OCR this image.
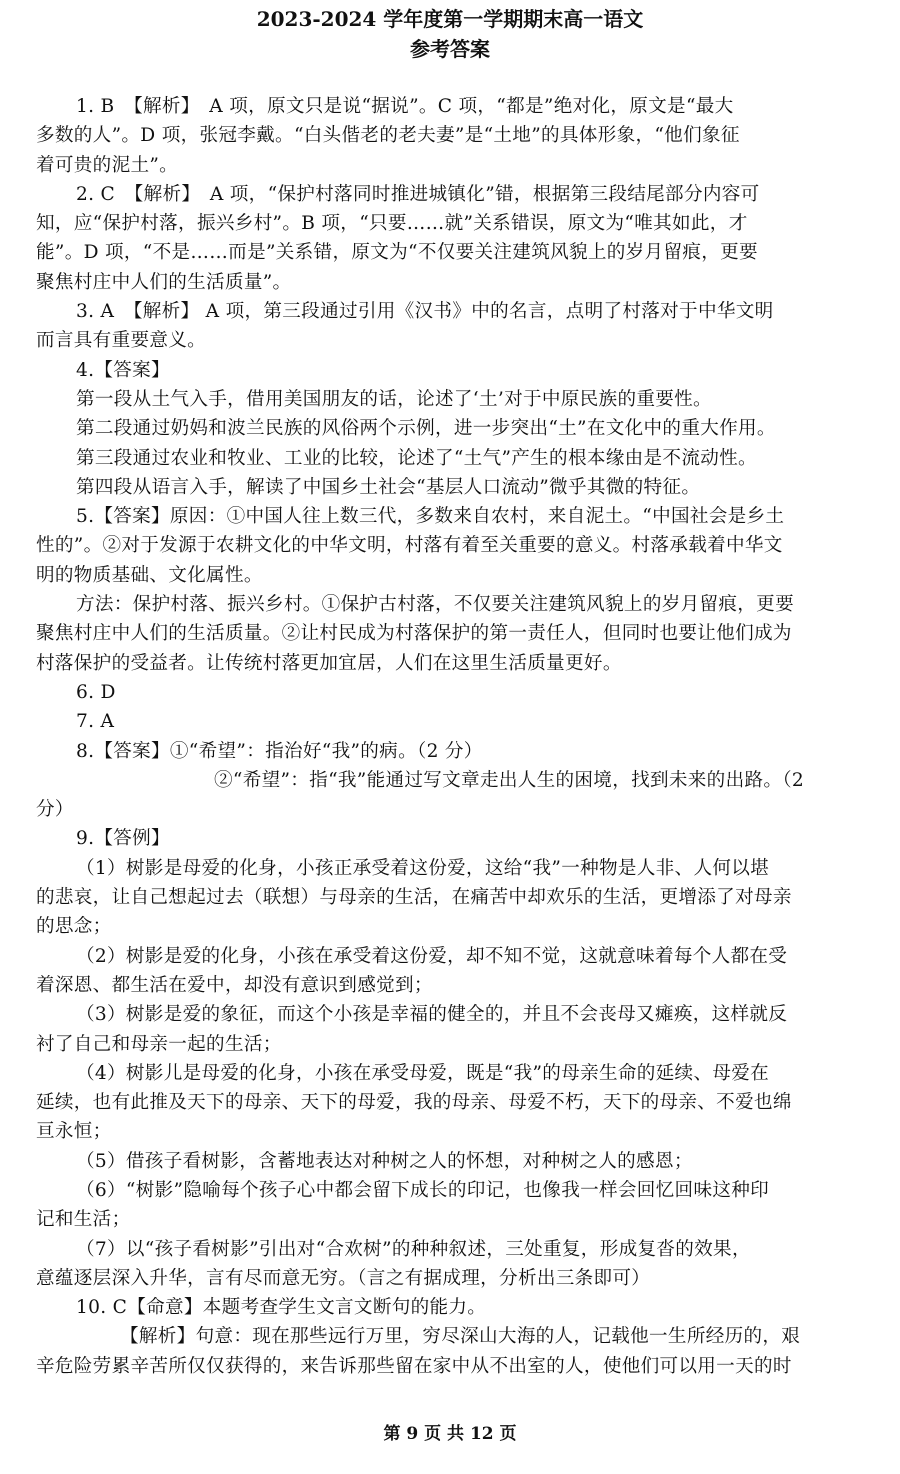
2023-2024 学年度第一学期期末高一语文
参考答案
1. B　【解析】　A 项，原文只是说“据说”。C 项，“都是”绝对化，原文是“最大
多数的人”。D 项，张冠李戴。“白头偕老的老夫妻”是“土地”的具体形象，“他们象征
着可贵的泥土”。
2. C　【解析】　A 项，“保护村落同时推进城镇化”错，根据第三段结尾部分内容可
知，应“保护村落，振兴乡村”。B 项，“只要……就”关系错误，原文为“唯其如此，才
能”。D 项，“不是……而是”关系错，原文为“不仅要关注建筑风貌上的岁月留痕，更要
聚焦村庄中人们的生活质量”。
3. A　【解析】 A 项，第三段通过引用《汉书》中的名言，点明了村落对于中华文明
而言具有重要意义。
4.【答案】
第一段从土气入手，借用美国朋友的话，论述了‘土’对于中原民族的重要性。
第二段通过奶妈和波兰民族的风俗两个示例，进一步突出“土”在文化中的重大作用。
第三段通过农业和牧业、工业的比较，论述了“土气”产生的根本缘由是不流动性。
第四段从语言入手，解读了中国乡土社会“基层人口流动”微乎其微的特征。
5.【答案】原因：①中国人往上数三代，多数来自农村，来自泥土。“中国社会是乡土
性的”。②对于发源于农耕文化的中华文明，村落有着至关重要的意义。村落承载着中华文
明的物质基础、文化属性。
方法：保护村落、振兴乡村。①保护古村落，不仅要关注建筑风貌上的岁月留痕，更要
聚焦村庄中人们的生活质量。②让村民成为村落保护的第一责任人，但同时也要让他们成为
村落保护的受益者。让传统村落更加宜居，人们在这里生活质量更好。
6. D
7. A
8.【答案】①“希望”：指治好“我”的病。（2 分）
②“希望”：指“我”能通过写文章走出人生的困境，找到未来的出路。（2
分）
9.【答例】
（1）树影是母爱的化身，小孩正承受着这份爱，这给“我”一种物是人非、人何以堪
的悲哀，让自己想起过去（联想）与母亲的生活，在痛苦中却欢乐的生活，更增添了对母亲
的思念；
（2）树影是爱的化身，小孩在承受着这份爱，却不知不觉，这就意味着每个人都在受
着深恩、都生活在爱中，却没有意识到感觉到；
（3）树影是爱的象征，而这个小孩是幸福的健全的，并且不会丧母又瘫痪，这样就反
衬了自己和母亲一起的生活；
（4）树影儿是母爱的化身，小孩在承受母爱，既是“我”的母亲生命的延续、母爱在
延续，也有此推及天下的母亲、天下的母爱，我的母亲、母爱不朽，天下的母亲、不爱也绵
亘永恒；
（5）借孩子看树影，含蓄地表达对种树之人的怀想，对种树之人的感恩；
（6）“树影”隐喻每个孩子心中都会留下成长的印记，也像我一样会回忆回味这种印
记和生活；
（7）以“孩子看树影”引出对“合欢树”的种种叙述，三处重复，形成复沓的效果，
意蕴逐层深入升华，言有尽而意无穷。（言之有据成理，分析出三条即可）
10. C【命意】本题考查学生文言文断句的能力。
【解析】句意：现在那些远行万里，穷尽深山大海的人，记载他一生所经历的，艰
辛危险劳累辛苦所仅仅获得的，来告诉那些留在家中从不出室的人，使他们可以用一天的时
第 9 页 共 12 页
